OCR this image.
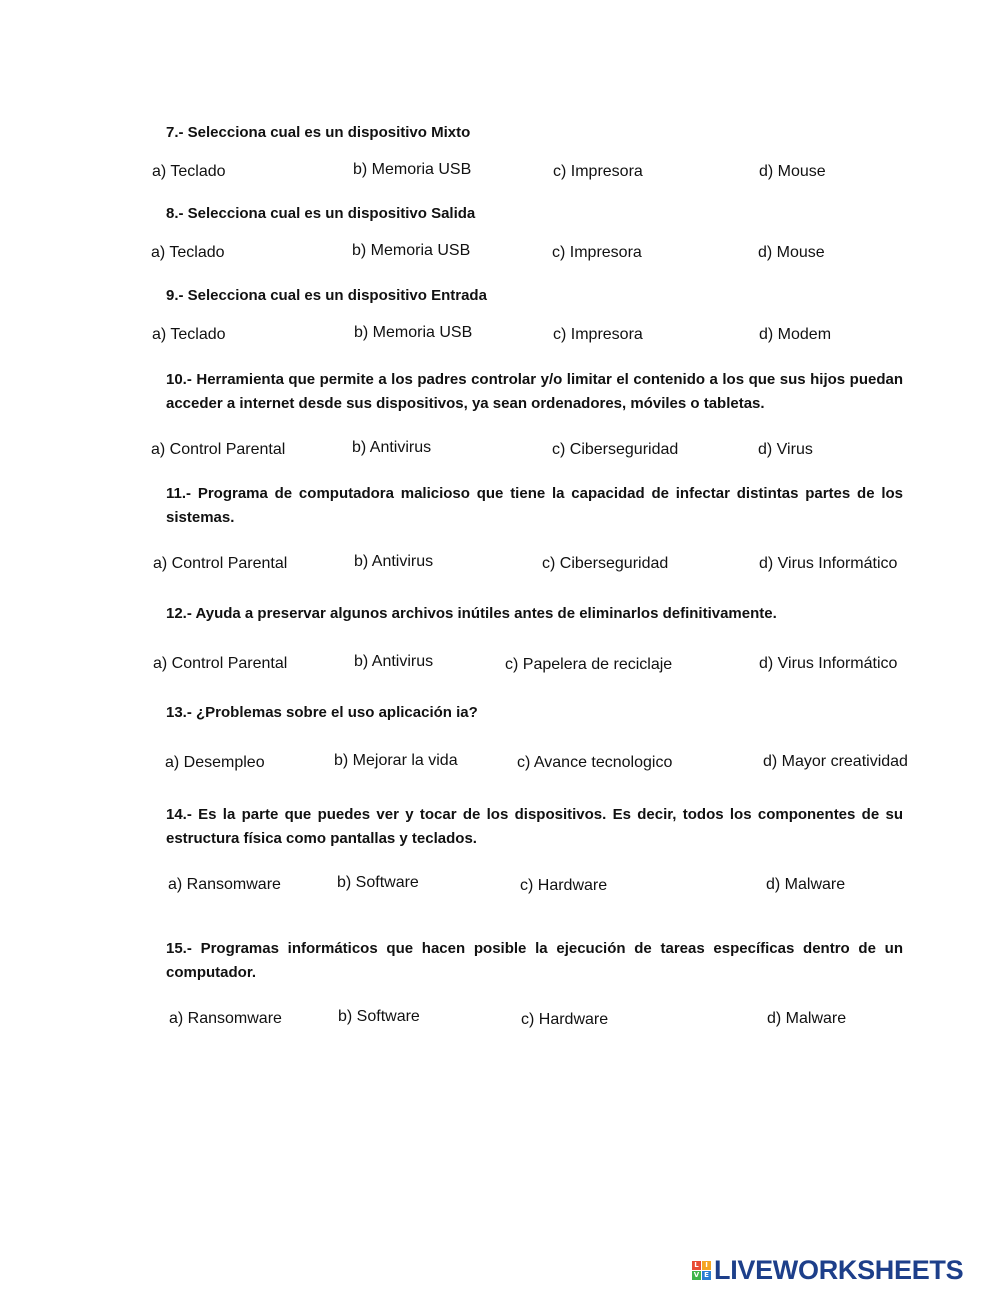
7.- Selecciona cual es un dispositivo Mixto

a) Teclado	b) Memoria USB	c) Impresora	d) Mouse

8.- Selecciona cual es un dispositivo Salida

a) Teclado	b) Memoria USB	c) Impresora	d) Mouse

9.- Selecciona cual es un dispositivo Entrada

a) Teclado	b) Memoria USB	c) Impresora	d) Modem

10.- Herramienta que permite a los padres controlar y/o limitar el contenido a los que sus hijos puedan acceder a internet desde sus dispositivos, ya sean ordenadores, móviles o tabletas.

a) Control Parental	b) Antivirus	c) Ciberseguridad	d) Virus

11.- Programa de computadora malicioso que tiene la capacidad de infectar distintas partes de los sistemas.

a) Control Parental	b) Antivirus	c) Ciberseguridad	d) Virus Informático

12.- Ayuda a preservar algunos archivos inútiles antes de eliminarlos definitivamente.

a) Control Parental	b) Antivirus	c) Papelera de reciclaje	d) Virus Informático

13.- ¿Problemas sobre el uso aplicación ia?

a) Desempleo	b) Mejorar la vida	c) Avance tecnologico	d) Mayor creatividad

14.- Es la parte que puedes ver y tocar de los dispositivos. Es decir, todos los componentes de su estructura física como pantallas y teclados.

a) Ransomware	b) Software	c) Hardware	d) Malware

15.- Programas informáticos que hacen posible la ejecución de tareas específicas dentro de un computador.

a) Ransomware	b) Software	c) Hardware	d) Malware
L I
V E LIVEWORKSHEETS
